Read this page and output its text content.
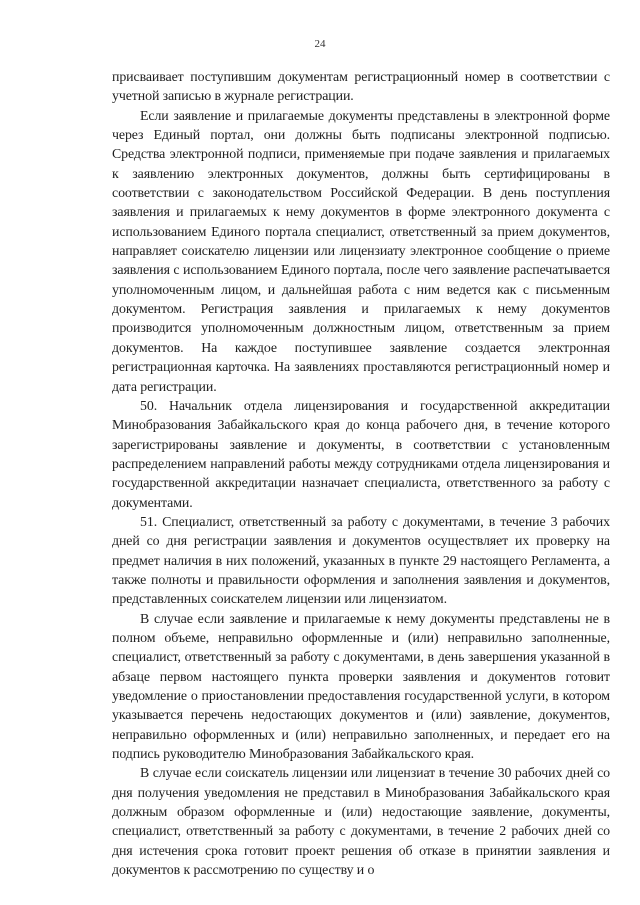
24

присваивает поступившим документам регистрационный номер в соответствии с учетной записью в журнале регистрации.

Если заявление и прилагаемые документы представлены в электронной форме через Единый портал, они должны быть подписаны электронной подписью. Средства электронной подписи, применяемые при подаче заявления и прилагаемых к заявлению электронных документов, должны быть сертифицированы в соответствии с законодательством Российской Федерации. В день поступления заявления и прилагаемых к нему документов в форме электронного документа с использованием Единого портала специалист, ответственный за прием документов, направляет соискателю лицензии или лицензиату электронное сообщение о приеме заявления с использованием Единого портала, после чего заявление распечатывается уполномоченным лицом, и дальнейшая работа с ним ведется как с письменным документом. Регистрация заявления и прилагаемых к нему документов производится уполномоченным должностным лицом, ответственным за прием документов. На каждое поступившее заявление создается электронная регистрационная карточка. На заявлениях проставляются регистрационный номер и дата регистрации.

50. Начальник отдела лицензирования и государственной аккредитации Минобразования Забайкальского края до конца рабочего дня, в течение которого зарегистрированы заявление и документы, в соответствии с установленным распределением направлений работы между сотрудниками отдела лицензирования и государственной аккредитации назначает специалиста, ответственного за работу с документами.

51. Специалист, ответственный за работу с документами, в течение 3 рабочих дней со дня регистрации заявления и документов осуществляет их проверку на предмет наличия в них положений, указанных в пункте 29 настоящего Регламента, а также полноты и правильности оформления и заполнения заявления и документов, представленных соискателем лицензии или лицензиатом.

В случае если заявление и прилагаемые к нему документы представлены не в полном объеме, неправильно оформленные и (или) неправильно заполненные, специалист, ответственный за работу с документами, в день завершения указанной в абзаце первом настоящего пункта проверки заявления и документов готовит уведомление о приостановлении предоставления государственной услуги, в котором указывается перечень недостающих документов и (или) заявление, документов, неправильно оформленных и (или) неправильно заполненных, и передает его на подпись руководителю Минобразования Забайкальского края.

В случае если соискатель лицензии или лицензиат в течение 30 рабочих дней со дня получения уведомления не представил в Минобразования Забайкальского края должным образом оформленные и (или) недостающие заявление, документы, специалист, ответственный за работу с документами, в течение 2 рабочих дней со дня истечения срока готовит проект решения об отказе в принятии заявления и документов к рассмотрению по существу и о
